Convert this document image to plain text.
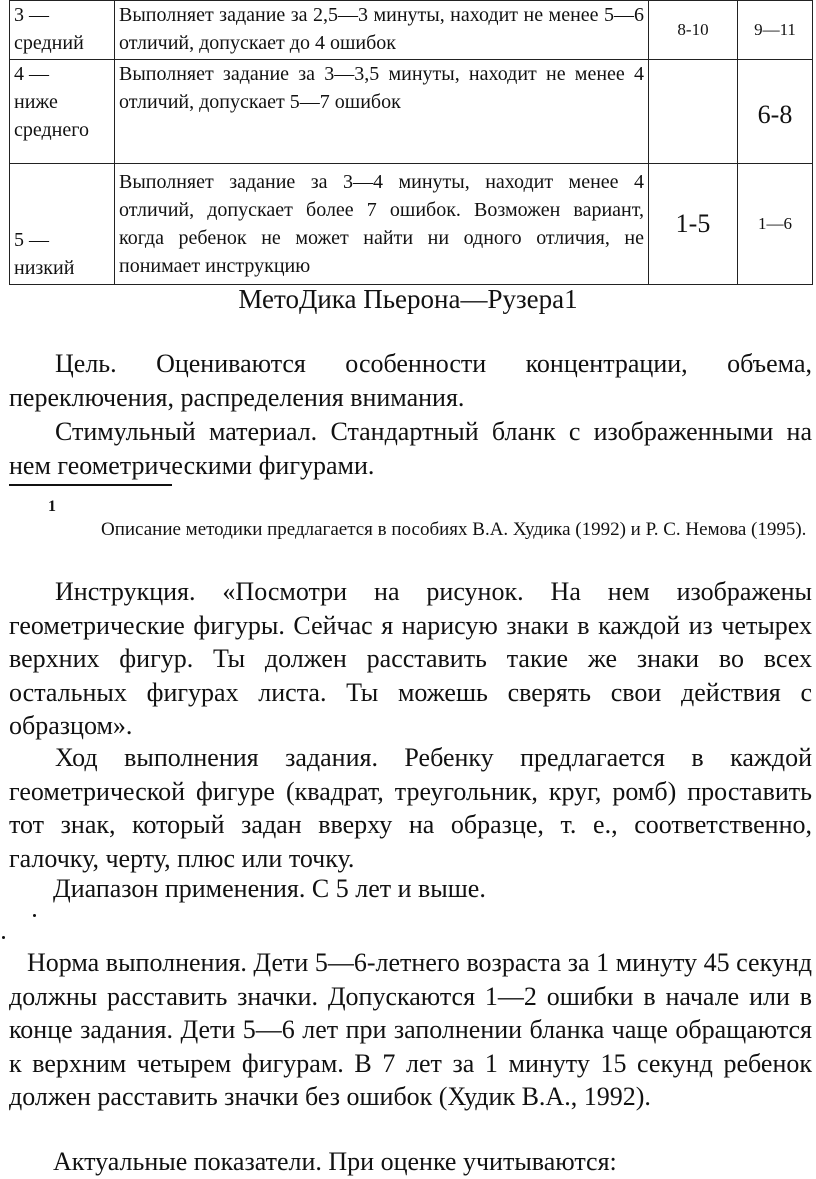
3 —
средний	Выполняет задание за 2,5—3 минуты, находит не менее 5—6 отличий, допускает до 4 ошибок	8-10	9—11

4 —
ниже
среднего	Выполняет задание за 3—3,5 минуты, находит не менее 4 отличий, допускает 5—7 ошибок		6-8

5 —
низкий	Выполняет задание за 3—4 минуты, находит менее 4 отличий, допускает более 7 ошибок. Возможен вариант, когда ребенок не может найти ни одного отличия, не понимает инструкцию	1-5	1—6
МетоДика Пьерона—Рузера1

Цель. Оцениваются особенности концентрации, объема, переключения, распределения внимания.

Стимульный материал. Стандартный бланк с изображенными на нем геометрическими фигурами.

1

Описание методики предлагается в пособиях В.А. Худика (1992) и Р. С. Немова (1995).

Инструкция. «Посмотри на рисунок. На нем изображены геометрические фигуры. Сейчас я нарисую знаки в каждой из четырех верхних фигур. Ты должен расставить такие же знаки во всех остальных фигурах листа. Ты можешь сверять свои действия с образцом».

Ход выполнения задания. Ребенку предлагается в каждой геометрической фигуре (квадрат, треугольник, круг, ромб) проставить тот знак, который задан вверху на образце, т. е., соответственно, галочку, черту, плюс или точку.

Диапазон применения. С 5 лет и выше.

Норма выполнения. Дети 5—6-летнего возраста за 1 минуту 45 секунд должны расставить значки. Допускаются 1—2 ошибки в начале или в конце задания. Дети 5—6 лет при заполнении бланка чаще обращаются к верхним четырем фигурам. В 7 лет за 1 минуту 15 секунд ребенок должен расставить значки без ошибок (Худик В.А., 1992).

Актуальные показатели. При оценке учитываются:
